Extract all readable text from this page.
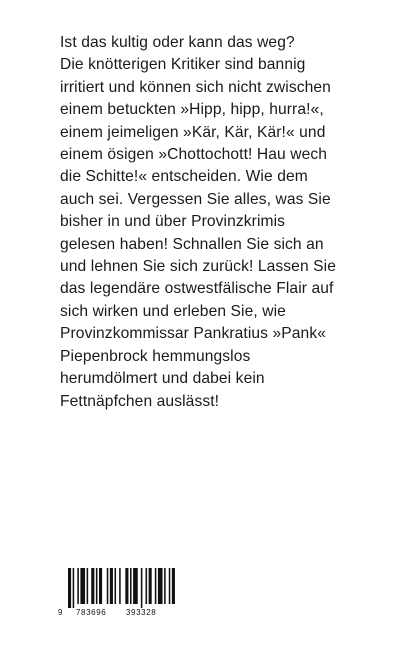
Ist das kultig oder kann das weg?
Die knötterigen Kritiker sind bannig
irritiert und können sich nicht zwischen
einem betuckten »Hipp, hipp, hurra!«,
einem jeimeligen »Kär, Kär, Kär!« und
einem ösigen »Chottochott! Hau wech
die Schitte!« entscheiden. Wie dem
auch sei. Vergessen Sie alles, was Sie
bisher in und über Provinzkrimis
gelesen haben! Schnallen Sie sich an
und lehnen Sie sich zurück! Lassen Sie
das legendäre ostwestfälische Flair auf
sich wirken und erleben Sie, wie
Provinzkommissar Pankratius »Pank«
Piepenbrock hemmungslos
herumdölmert und dabei kein
Fettnäpfchen auslässt!
9 783696 393328
